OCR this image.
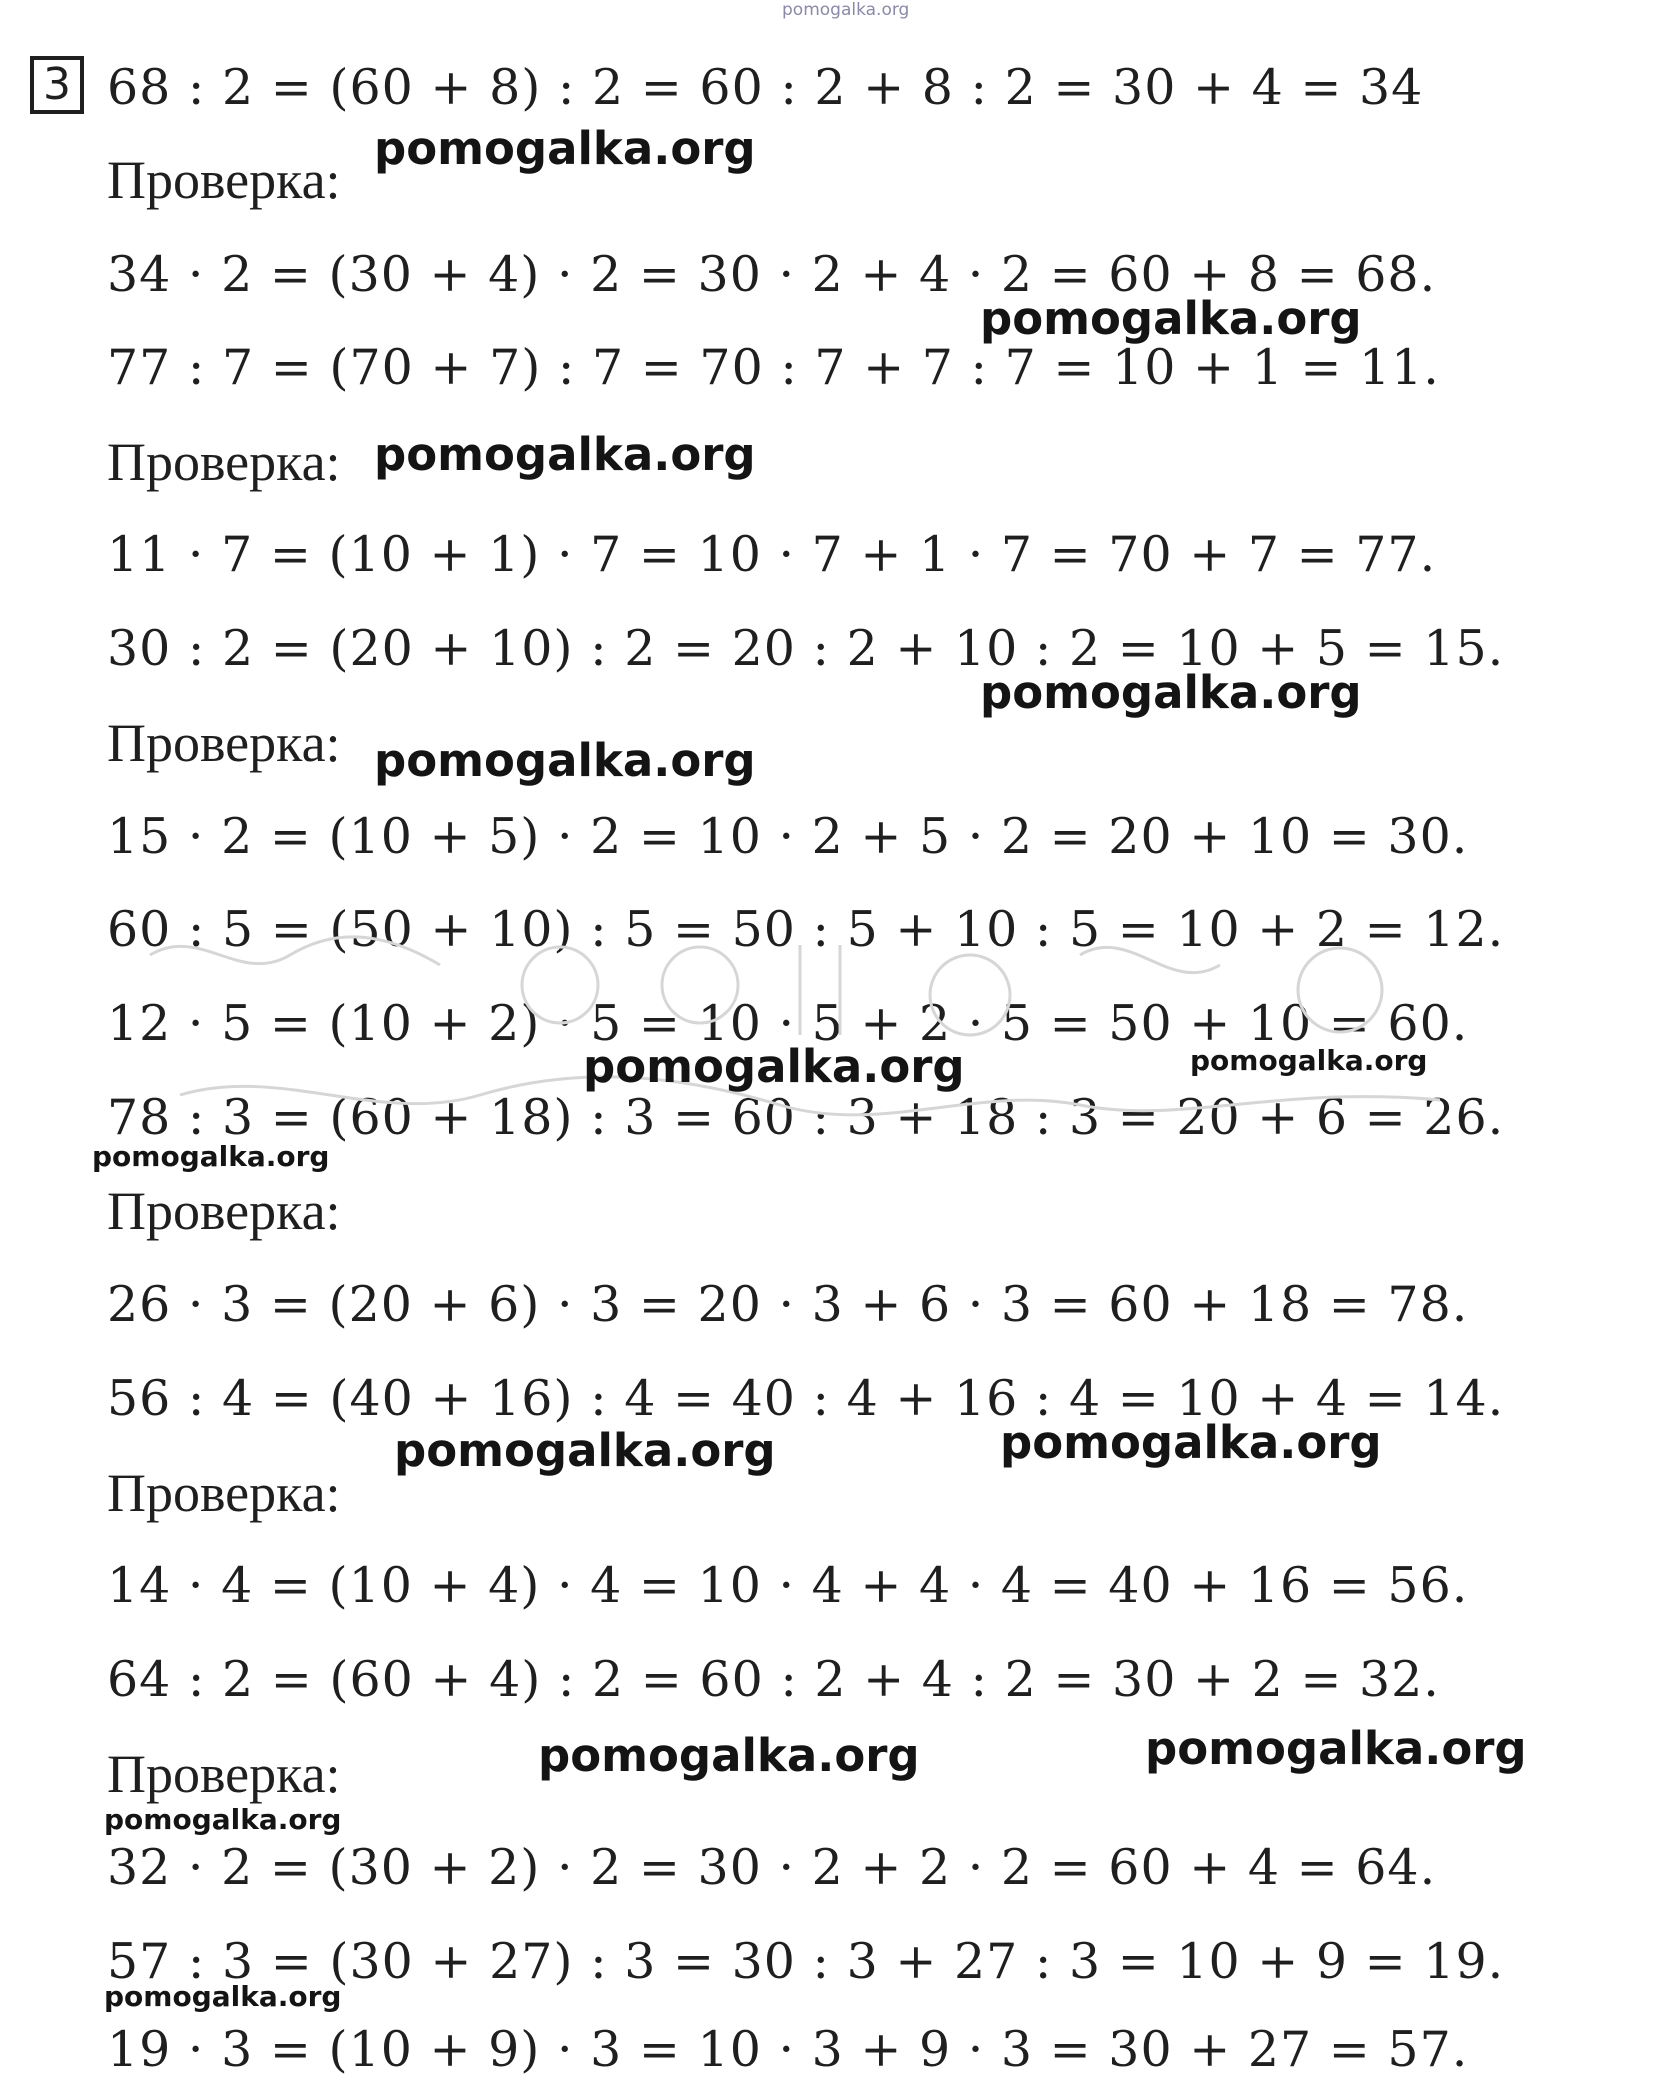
pomogalka.org
3 68 : 2 = (60 + 8) : 2 = 60 : 2 + 8 : 2 = 30 + 4 = 34
Проверка:
34 · 2 = (30 + 4) · 2 = 30 · 2 + 4 · 2 = 60 + 8 = 68.
77 : 7 = (70 + 7) : 7 = 70 : 7 + 7 : 7 = 10 + 1 = 11.
Проверка:
11 · 7 = (10 + 1) · 7 = 10 · 7 + 1 · 7 = 70 + 7 = 77.
30 : 2 = (20 + 10) : 2 = 20 : 2 + 10 : 2 = 10 + 5 = 15.
Проверка:
15 · 2 = (10 + 5) · 2 = 10 · 2 + 5 · 2 = 20 + 10 = 30.
60 : 5 = (50 + 10) : 5 = 50 : 5 + 10 : 5 = 10 + 2 = 12.
12 · 5 = (10 + 2) · 5 = 10 · 5 + 2 · 5 = 50 + 10 = 60.
78 : 3 = (60 + 18) : 3 = 60 : 3 + 18 : 3 = 20 + 6 = 26.
Проверка:
26 · 3 = (20 + 6) · 3 = 20 · 3 + 6 · 3 = 60 + 18 = 78.
56 : 4 = (40 + 16) : 4 = 40 : 4 + 16 : 4 = 10 + 4 = 14.
Проверка:
14 · 4 = (10 + 4) · 4 = 10 · 4 + 4 · 4 = 40 + 16 = 56.
64 : 2 = (60 + 4) : 2 = 60 : 2 + 4 : 2 = 30 + 2 = 32.
Проверка:
32 · 2 = (30 + 2) · 2 = 30 · 2 + 2 · 2 = 60 + 4 = 64.
57 : 3 = (30 + 27) : 3 = 30 : 3 + 27 : 3 = 10 + 9 = 19.
19 · 3 = (10 + 9) · 3 = 10 · 3 + 9 · 3 = 30 + 27 = 57.
pomogalka.org
pomogalka.org
pomogalka.org
pomogalka.org
pomogalka.org
pomogalka.org	pomogalka.org
pomogalka.org
pomogalka.org	pomogalka.org
pomogalka.org	pomogalka.org
pomogalka.org
pomogalka.org
